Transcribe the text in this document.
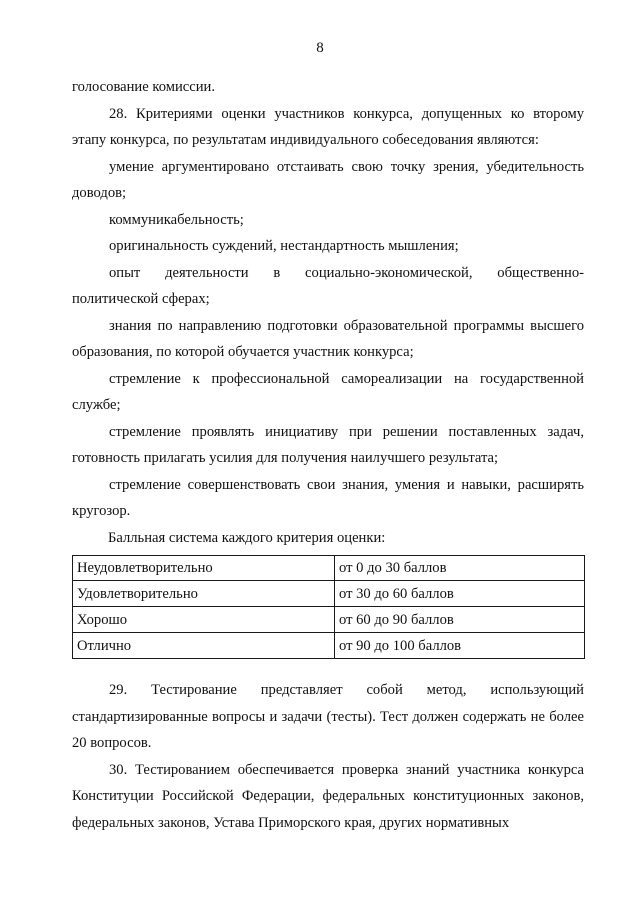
8

голосование комиссии.

28. Критериями оценки участников конкурса, допущенных ко второму этапу конкурса, по результатам индивидуального собеседования являются:

умение аргументировано отстаивать свою точку зрения, убедительность доводов;

коммуникабельность;

оригинальность суждений, нестандартность мышления;

опыт деятельности в социально-экономической, общественно-

политической сферах;

знания по направлению подготовки образовательной программы высшего образования, по которой обучается участник конкурса;

стремление к профессиональной самореализации на государственной службе;

стремление проявлять инициативу при решении поставленных задач, готовность прилагать усилия для получения наилучшего результата;

стремление совершенствовать свои знания, умения и навыки, расширять кругозор.

Балльная система каждого критерия оценки:

Неудовлетворительно	от 0 до 30 баллов
Удовлетворительно	от 30 до 60 баллов
Хорошо	от 60 до 90 баллов
Отлично	от 90 до 100 баллов

29. Тестирование представляет собой метод, использующий стандартизированные вопросы и задачи (тесты). Тест должен содержать не более 20 вопросов.

30. Тестированием обеспечивается проверка знаний участника конкурса Конституции Российской Федерации, федеральных конституционных законов, федеральных законов, Устава Приморского края, других нормативных
